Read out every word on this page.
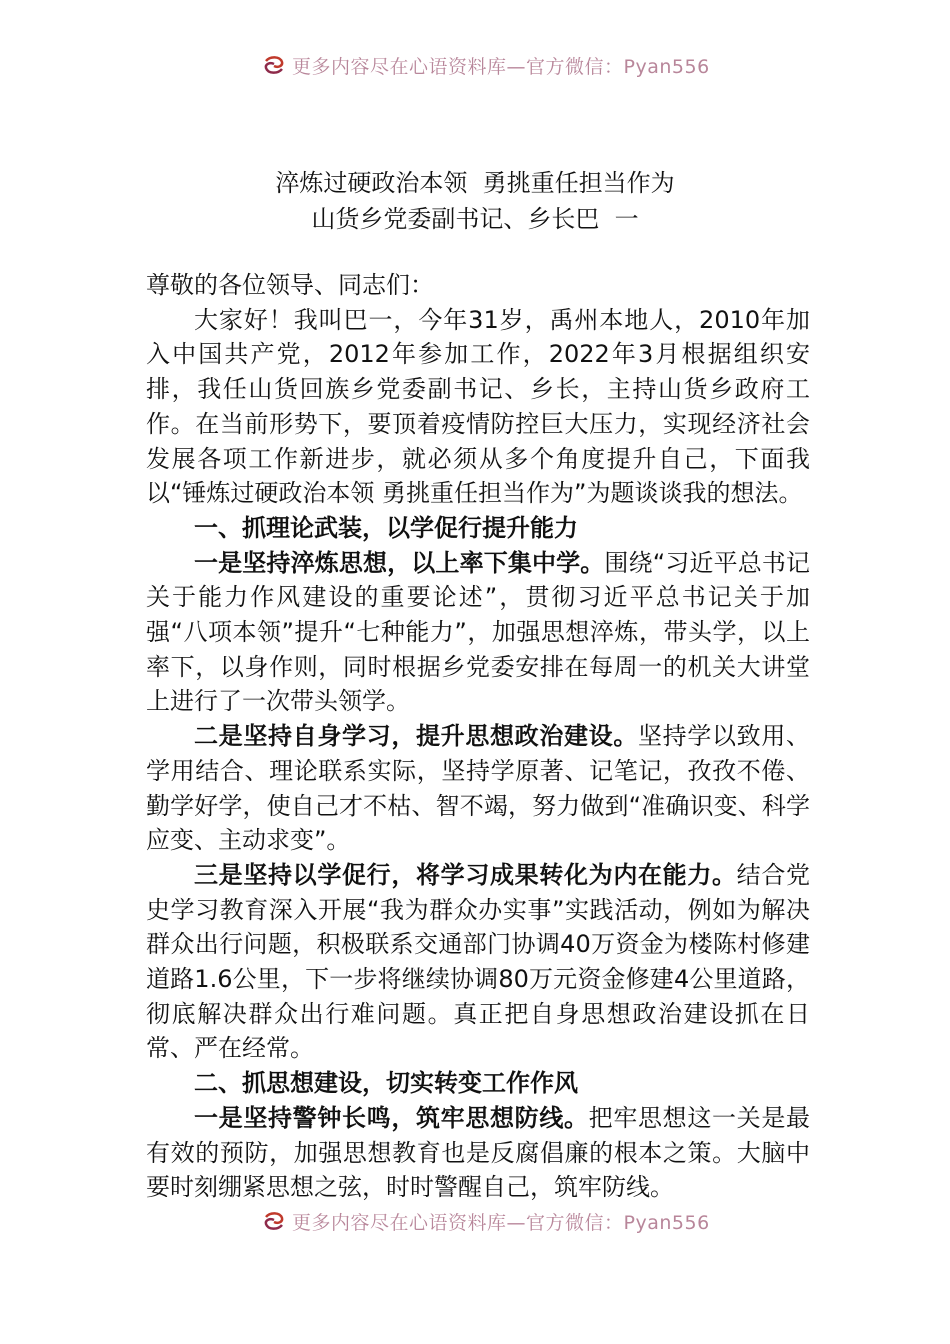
更多内容尽在心语资料库—官方微信：Pyan556
淬炼过硬政治本领  勇挑重任担当作为
山货乡党委副书记、乡长巴  一

尊敬的各位领导、同志们：

大家好！我叫巴一，今年31岁，禹州本地人，2010年加入中国共产党，2012年参加工作，2022年3月根据组织安排，我任山货回族乡党委副书记、乡长，主持山货乡政府工作。在当前形势下，要顶着疫情防控巨大压力，实现经济社会发展各项工作新进步，就必须从多个角度提升自己，下面我以“锤炼过硬政治本领 勇挑重任担当作为”为题谈谈我的想法。

一、抓理论武装，以学促行提升能力

一是坚持淬炼思想，以上率下集中学。围绕“习近平总书记关于能力作风建设的重要论述”，贯彻习近平总书记关于加强“八项本领”提升“七种能力”，加强思想淬炼，带头学，以上率下，以身作则，同时根据乡党委安排在每周一的机关大讲堂上进行了一次带头领学。

二是坚持自身学习，提升思想政治建设。坚持学以致用、学用结合、理论联系实际，坚持学原著、记笔记，孜孜不倦、勤学好学，使自己才不枯、智不竭，努力做到“准确识变、科学应变、主动求变”。

三是坚持以学促行，将学习成果转化为内在能力。结合党史学习教育深入开展“我为群众办实事”实践活动，例如为解决群众出行问题，积极联系交通部门协调40万资金为楼陈村修建道路1.6公里，下一步将继续协调80万元资金修建4公里道路，彻底解决群众出行难问题。真正把自身思想政治建设抓在日常、严在经常。

二、抓思想建设，切实转变工作作风

一是坚持警钟长鸣，筑牢思想防线。把牢思想这一关是最有效的预防，加强思想教育也是反腐倡廉的根本之策。大脑中要时刻绷紧思想之弦，时时警醒自己，筑牢防线。

更多内容尽在心语资料库—官方微信：Pyan556
